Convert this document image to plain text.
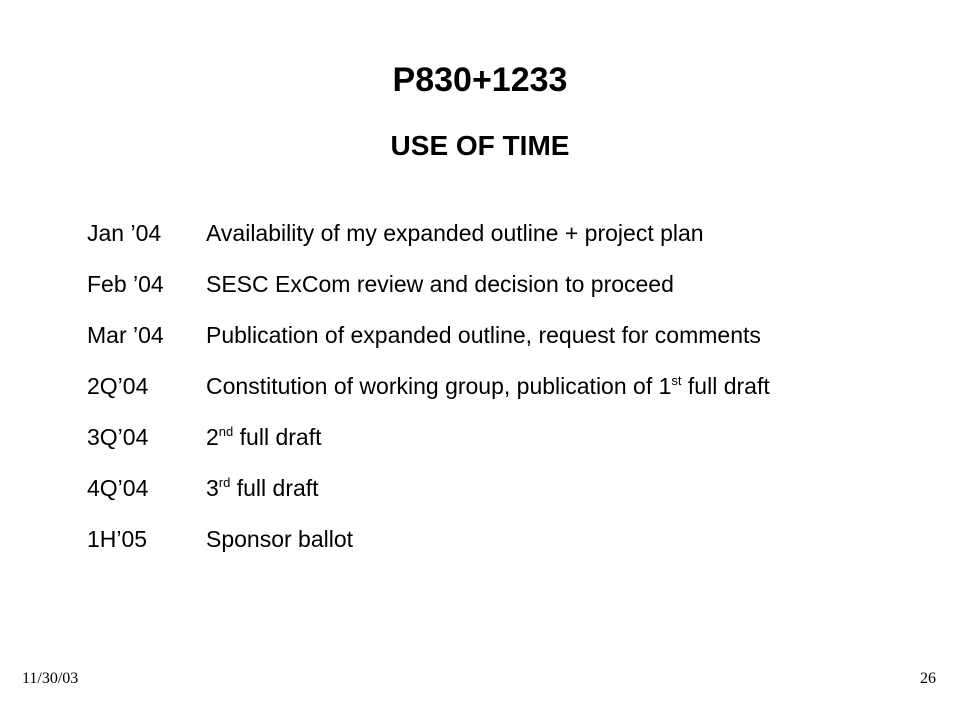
P830+1233
USE OF TIME
Jan ’04	Availability of my expanded outline + project plan
Feb ’04	SESC ExCom review and decision to proceed
Mar ’04	Publication of expanded outline, request for comments
2Q’04	Constitution of working group, publication of 1st full draft
3Q’04	2nd full draft
4Q’04	3rd full draft
1H’05	Sponsor ballot
11/30/03	26
